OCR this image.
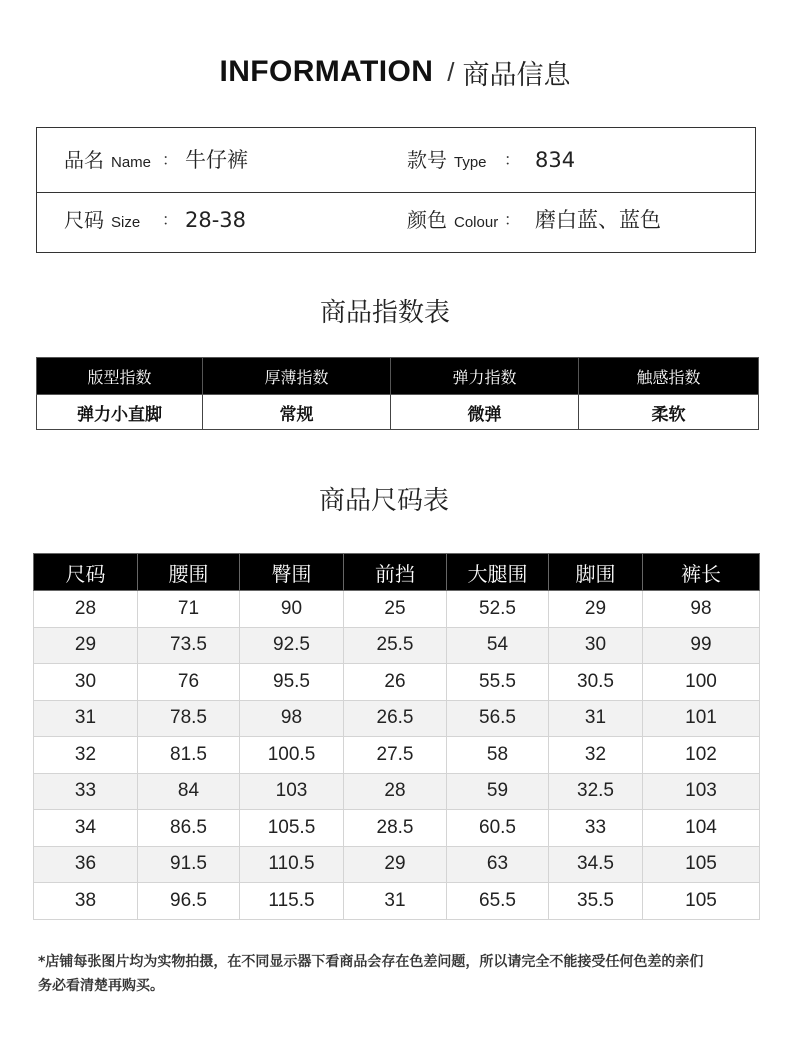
INFORMATION / 商品信息
品名 Name ： 牛仔裤	款号 Type ： 834
尺码 Size ： 28-38	颜色 Colour ： 磨白蓝、蓝色
商品指数表
版型指数	厚薄指数	弹力指数	触感指数
弹力小直脚	常规	微弹	柔软
商品尺码表
尺码	腰围	臀围	前挡	大腿围	脚围	裤长
28	71	90	25	52.5	29	98
29	73.5	92.5	25.5	54	30	99
30	76	95.5	26	55.5	30.5	100
31	78.5	98	26.5	56.5	31	101
32	81.5	100.5	27.5	58	32	102
33	84	103	28	59	32.5	103
34	86.5	105.5	28.5	60.5	33	104
36	91.5	110.5	29	63	34.5	105
38	96.5	115.5	31	65.5	35.5	105
*店铺每张图片均为实物拍摄，在不同显示器下看商品会存在色差问题，所以请完全不能接受任何色差的亲们
务必看清楚再购买。
